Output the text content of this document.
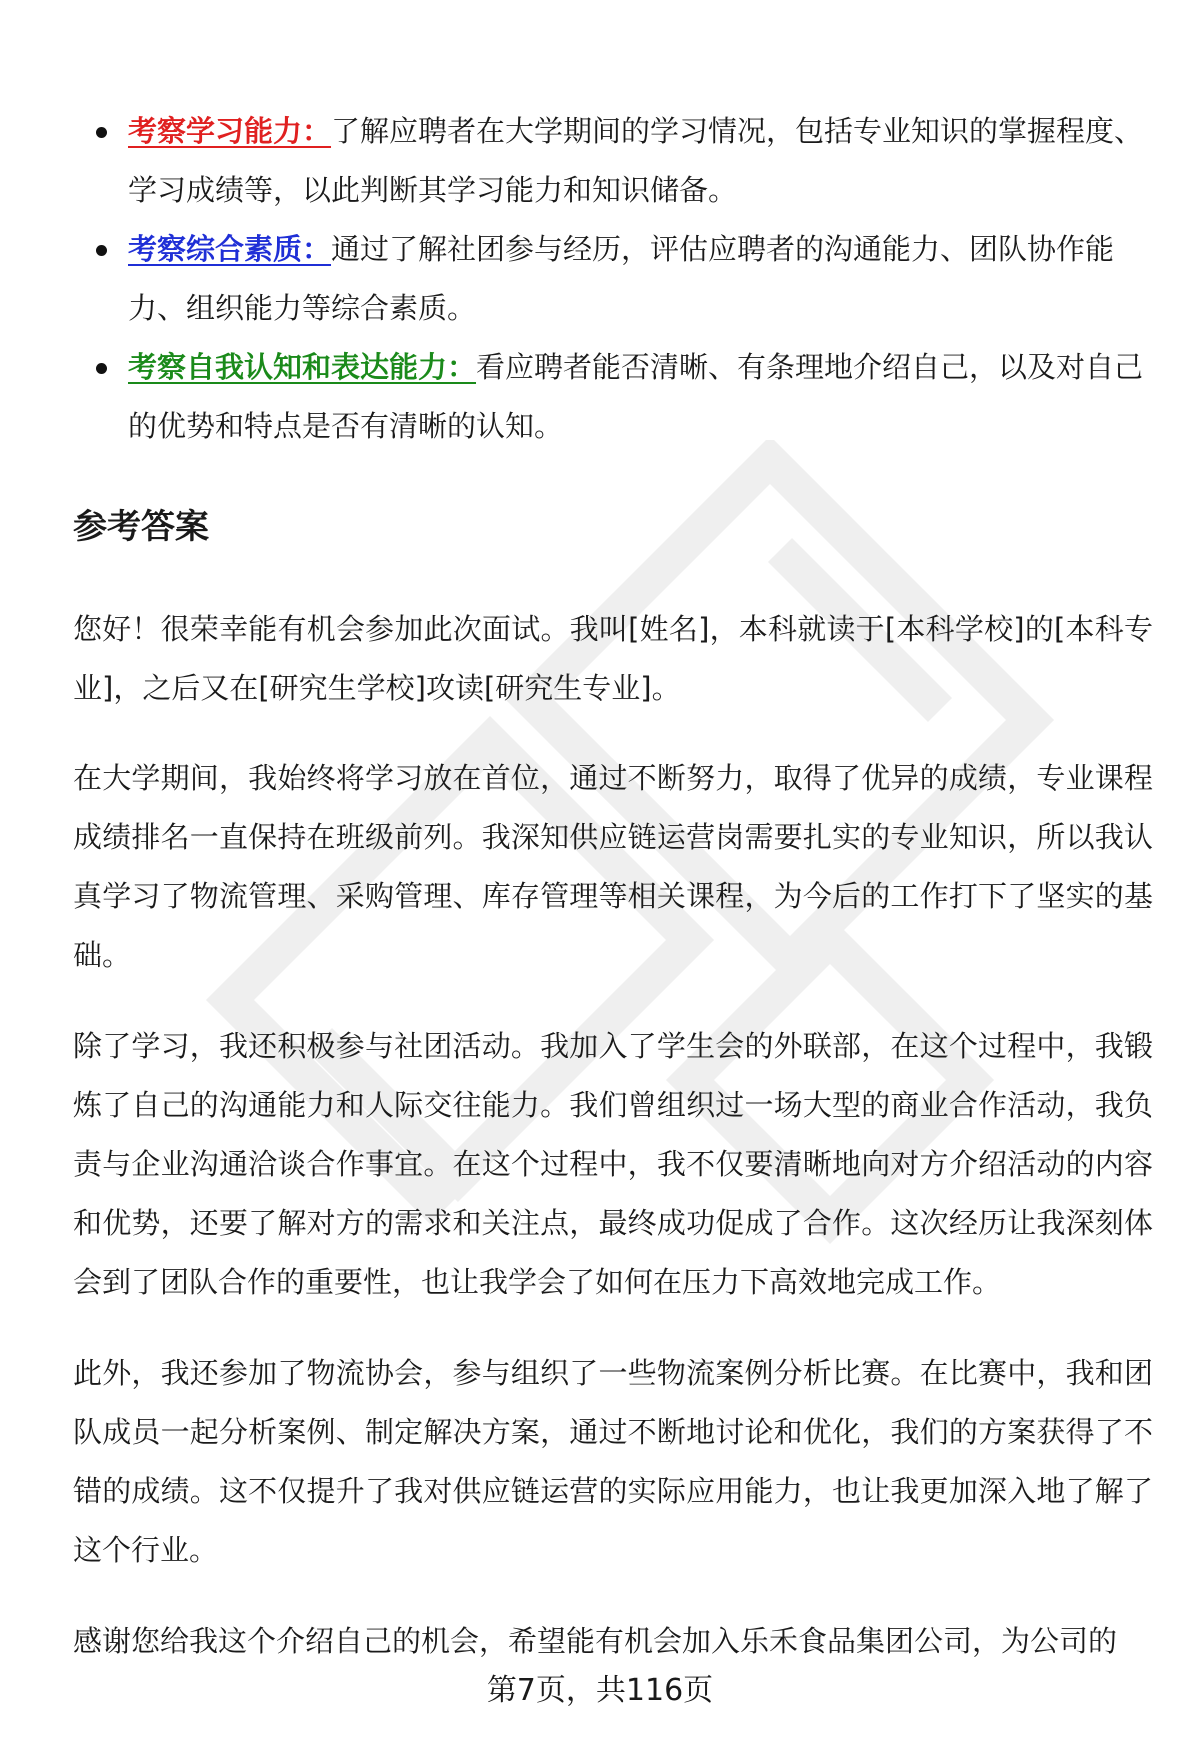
考察学习能力：了解应聘者在大学期间的学习情况，包括专业知识的掌握程度、学习成绩等，以此判断其学习能力和知识储备。
考察综合素质：通过了解社团参与经历，评估应聘者的沟通能力、团队协作能力、组织能力等综合素质。
考察自我认知和表达能力：看应聘者能否清晰、有条理地介绍自己，以及对自己的优势和特点是否有清晰的认知。
参考答案

您好！很荣幸能有机会参加此次面试。我叫[姓名]，本科就读于[本科学校]的[本科专业]，之后又在[研究生学校]攻读[研究生专业]。

在大学期间，我始终将学习放在首位，通过不断努力，取得了优异的成绩，专业课程成绩排名一直保持在班级前列。我深知供应链运营岗需要扎实的专业知识，所以我认真学习了物流管理、采购管理、库存管理等相关课程，为今后的工作打下了坚实的基础。

除了学习，我还积极参与社团活动。我加入了学生会的外联部，在这个过程中，我锻炼了自己的沟通能力和人际交往能力。我们曾组织过一场大型的商业合作活动，我负责与企业沟通洽谈合作事宜。在这个过程中，我不仅要清晰地向对方介绍活动的内容和优势，还要了解对方的需求和关注点，最终成功促成了合作。这次经历让我深刻体会到了团队合作的重要性，也让我学会了如何在压力下高效地完成工作。

此外，我还参加了物流协会，参与组织了一些物流案例分析比赛。在比赛中，我和团队成员一起分析案例、制定解决方案，通过不断地讨论和优化，我们的方案获得了不错的成绩。这不仅提升了我对供应链运营的实际应用能力，也让我更加深入地了解了这个行业。

感谢您给我这个介绍自己的机会，希望能有机会加入乐禾食品集团公司，为公司的

第7页，共116页
